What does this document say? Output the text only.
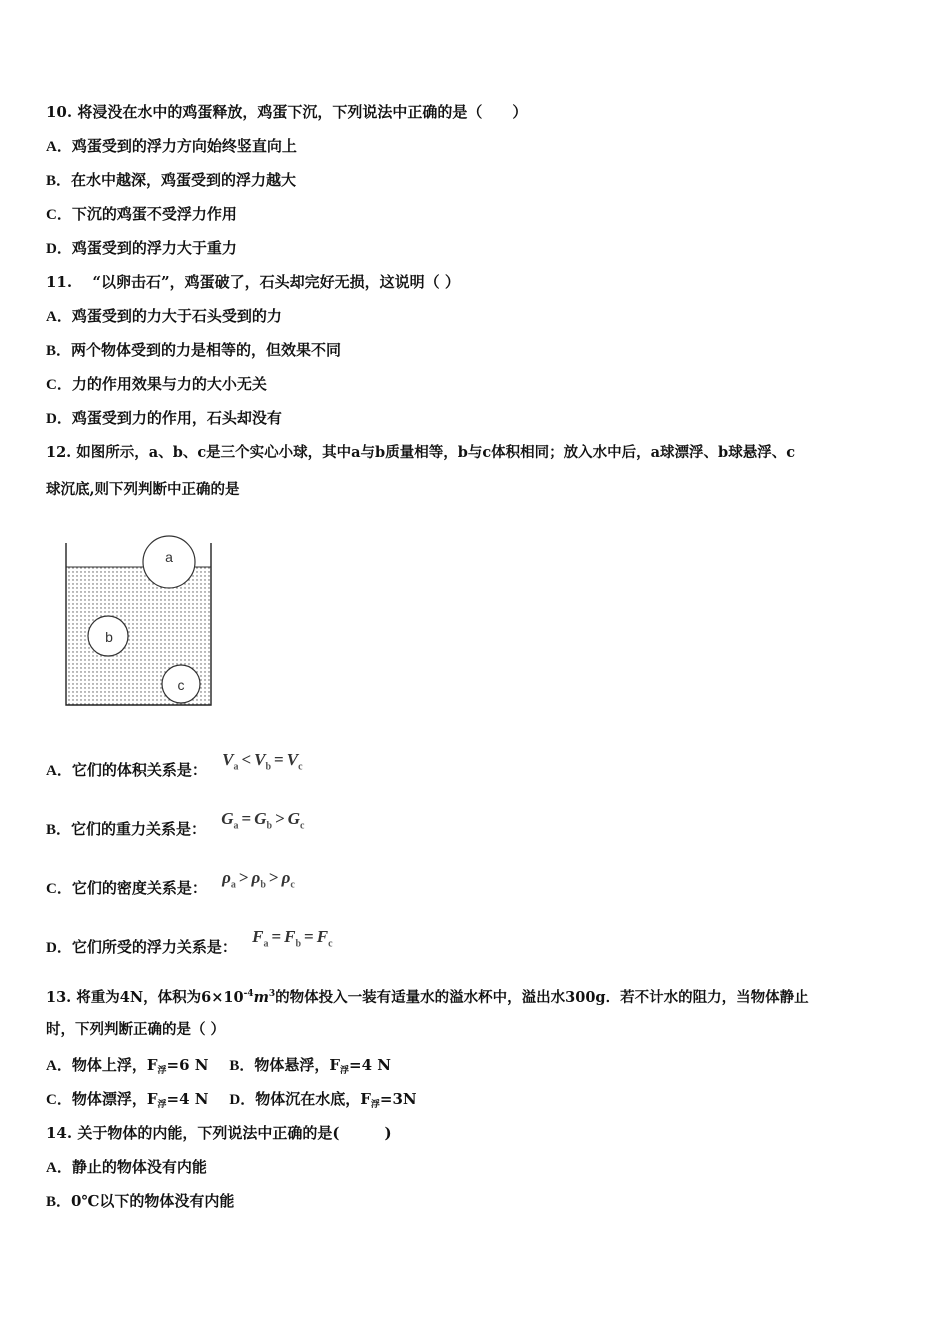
10. 将浸没在水中的鸡蛋释放，鸡蛋下沉，下列说法中正确的是（　　）
A．鸡蛋受到的浮力方向始终竖直向上
B．在水中越深，鸡蛋受到的浮力越大
C．下沉的鸡蛋不受浮力作用
D．鸡蛋受到的浮力大于重力
11. 　“以卵击石”，鸡蛋破了，石头却完好无损，这说明（ ）
A．鸡蛋受到的力大于石头受到的力
B．两个物体受到的力是相等的，但效果不同
C．力的作用效果与力的大小无关
D．鸡蛋受到力的作用，石头却没有
12. 如图所示，a、b、c是三个实心小球，其中a与b质量相等，b与c体积相同；放入水中后，a球漂浮、b球悬浮、c
球沉底,则下列判断中正确的是
a
b
c
A．它们的体积关系是： $V_a < V_b = V_c$
B．它们的重力关系是： $G_a = G_b > G_c$
C．它们的密度关系是： $\rho_a > \rho_b > \rho_c$
D．它们所受的浮力关系是： $F_a = F_b = F_c$
13. 将重为4N，体积为$6\times 10^{-4}m^3$的物体投入一装有适量水的溢水杯中，溢出水300g．若不计水的阻力，当物体静止
时，下列判断正确的是（ ）
A．物体上浮，$F_浮=6$ N B．物体悬浮，$F_浮=4$ N
C．物体漂浮，$F_浮=4$ N D．物体沉在水底，$F_浮=3N$
14. 关于物体的内能，下列说法中正确的是(　　　)
A．静止的物体没有内能
B．0℃以下的物体没有内能
